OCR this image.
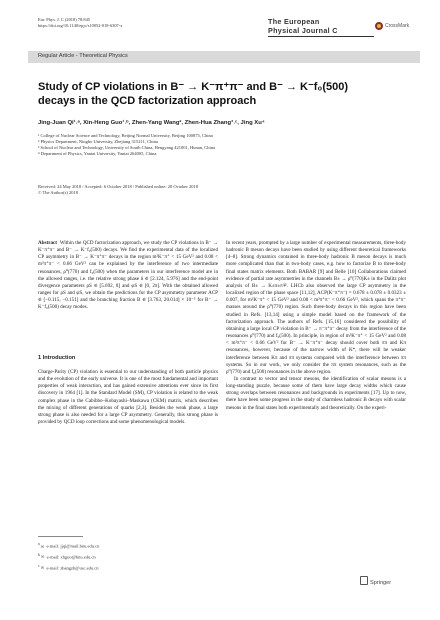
Eur. Phys. J. C (2018) 78:845
https://doi.org/10.1140/epjc/s10052-018-6307-x	The European
Physical Journal C	CrossMark
Regular Article - Theoretical Physics
Study of CP violations in B⁻ → K⁻π⁺π⁻ and B⁻ → K⁻f₀(500) decays in the QCD factorization approach
Jing-Juan Qi¹˒ᵃ, Xin-Heng Guo¹˒ᵇ, Zhen-Yang Wang², Zhen-Hua Zhang³˒ᶜ, Jing Xu⁴
¹ College of Nuclear Science and Technology, Beijing Normal University, Beijing 100875, China
² Physics Department, Ningbo University, Zhejiang 315211, China
³ School of Nuclear and Technology, University of South China, Hengyang 421001, Hunan, China
⁴ Department of Physics, Yantai University, Yantai 264005, China
Received: 24 May 2018 / Accepted: 6 October 2018 / Published online: 20 October 2018
© The Author(s) 2018

Abstract Within the QCD factorization approach, we study the CP violations in B⁻ → K⁻π⁺π⁻ and B⁻ → K⁻f₀(500) decays. We find the experimental data of the localized CP asymmetry in B⁻ → K⁻π⁺π⁻ decays in the region m²K⁻π⁺ < 15 GeV² and 0.08 < m²π⁺π⁻ < 0.66 GeV² can be explained by the interference of two intermediate resonances, ρ⁰(770) and f₀(500) when the parameters in our interference model are in the allowed ranges, i.e. the relative strong phase δ ∈ [2.124, 5.976] and the end-point divergence parameters ρS ∈ [5.692, 8] and φS ∈ [0, 2π]. With the obtained allowed ranges for ρS and φS, we obtain the predictions for the CP asymmetry parameter ACP ∈ [−0.115, −0.151] and the branching fraction B ∈ [3.763, 20.014] × 10⁻⁵ for B⁻ → K⁻f₀(500) decay modes.

1 Introduction

Charge-Parity (CP) violation is essential to our understanding of both particle physics and the evolution of the early universe. It is one of the most fundamental and important properties of weak interaction, and has gained extensive attentions ever since its first discovery in 1964 [1]. In the Standard Model (SM), CP violation is related to the weak complex phase in the Cabibbo–Kobayashi–Maskawa (CKM) matrix, which describes the mixing of different generations of quarks [2,3]. Besides the weak phase, a large strong phase is also needed for a large CP asymmetry. Generally, this strong phase is provided by QCD loop corrections and some phenomenological models.

$^a$ ✉ e-mail: jjqi@mail.bnu.edu.cn
$^b$ ✉ e-mail: xhguo@bnu.edu.cn
$^c$ ✉ e-mail: zhangzh@usc.edu.cn

In recent years, prompted by a large number of experimental measurements, three-body hadronic B meson decays have been studied by using different theoretical frameworks [4–8]. Strong dynamics contained in three-body hadronic B meson decays is much more complicated than that in two-body cases, e.g. how to factorize B to three-body final states matrix elements. Both BABAR [9] and Belle [10] Collaborations claimed evidence of partial rate asymmetries in the channels B± → ρ⁰(770)K± in the Dalitz plot analysis of B± → K±π±π∓. LHCb also observed the large CP asymmetry in the localized region of the phase space [11,12], ACP(K⁻π⁺π⁻) = 0.678 ± 0.078 ± 0.0323 ± 0.007, for m²K⁻π⁺ < 15 GeV² and 0.08 < m²π⁺π⁻ < 0.66 GeV², which spans the π⁺π⁻ masses around the ρ⁰(770) region. Such three-body decays in this region have been studied in Refs. [13,14] using a simple model based on the framework of the factorization approach. The authors of Refs. [15,16] considered the possibility of obtaining a large local CP violation in B⁻ → π⁻π⁺π⁻ decay from the interference of the resonances ρ⁰(770) and f₀(500). In principle, in region of m²K⁻π⁺ < 15 GeV² and 0.08 < m²π⁺π⁻ < 0.66 GeV² for B⁻ → K⁻π⁺π⁻ decay should cover both ππ and Kπ resonances, however, because of the narrow width of K*, there will be weaker interference between Kπ and ππ systems compared with the interference between ππ systems. So in our work, we only consider the ππ system resonances, such as the ρ⁰(770) and f₀(500) resonances in the above region.

In contrast to vector and tensor mesons, the identification of scalar mesons is a long-standing puzzle, because some of them have large decay widths which cause strong overlaps between resonances and backgrounds in experiments [17]. Up to now, there have been some progress in the study of charmless hadronic B decays with scalar mesons in the final states both experimentally and theoretically. On the experi-

Springer
